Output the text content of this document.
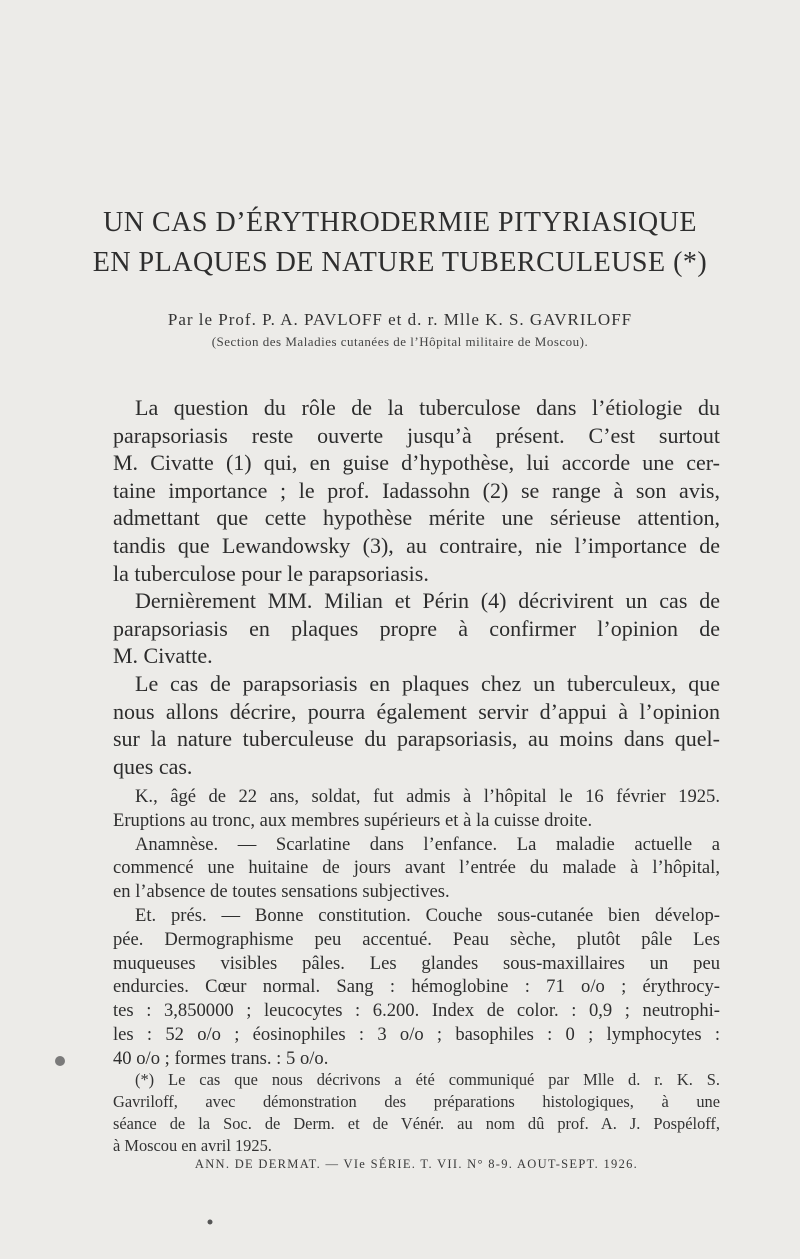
UN CAS D’ÉRYTHRODERMIE PITYRIASIQUE
EN PLAQUES DE NATURE TUBERCULEUSE (*)
Par le Prof. P. A. PAVLOFF et d. r. Mlle K. S. GAVRILOFF
(Section des Maladies cutanées de l’Hôpital militaire de Moscou).
La question du rôle de la tuberculose dans l’étiologie du
parapsoriasis reste ouverte jusqu’à présent. C’est surtout
M. Civatte (1) qui, en guise d’hypothèse, lui accorde une cer-
taine importance ; le prof. Iadassohn (2) se range à son avis,
admettant que cette hypothèse mérite une sérieuse attention,
tandis que Lewandowsky (3), au contraire, nie l’importance de
la tuberculose pour le parapsoriasis.
Dernièrement MM. Milian et Périn (4) décrivirent un cas de
parapsoriasis en plaques propre à confirmer l’opinion de
M. Civatte.
Le cas de parapsoriasis en plaques chez un tuberculeux, que
nous allons décrire, pourra également servir d’appui à l’opinion
sur la nature tuberculeuse du parapsoriasis, au moins dans quel-
ques cas.
K., âgé de 22 ans, soldat, fut admis à l’hôpital le 16 février 1925.
Eruptions au tronc, aux membres supérieurs et à la cuisse droite.
Anamnèse. — Scarlatine dans l’enfance. La maladie actuelle a
commencé une huitaine de jours avant l’entrée du malade à l’hôpital,
en l’absence de toutes sensations subjectives.
Et. prés. — Bonne constitution. Couche sous-cutanée bien dévelop-
pée. Dermographisme peu accentué. Peau sèche, plutôt pâle Les
muqueuses visibles pâles. Les glandes sous-maxillaires un peu
endurcies. Cœur normal. Sang : hémoglobine : 71 o/o ; érythrocy-
tes : 3,850000 ; leucocytes : 6.200. Index de color. : 0,9 ; neutrophi-
les : 52 o/o ; éosinophiles : 3 o/o ; basophiles : 0 ; lymphocytes :
40 o/o ; formes trans. : 5 o/o.
(*) Le cas que nous décrivons a été communiqué par Mlle d. r. K. S.
Gavriloff, avec démonstration des préparations histologiques, à une
séance de la Soc. de Derm. et de Vénér. au nom dû prof. A. J. Pospéloff,
à Moscou en avril 1925.
ANN. DE DERMAT. — VIe SÉRIE. T. VII. N° 8-9. AOUT-SEPT. 1926.
